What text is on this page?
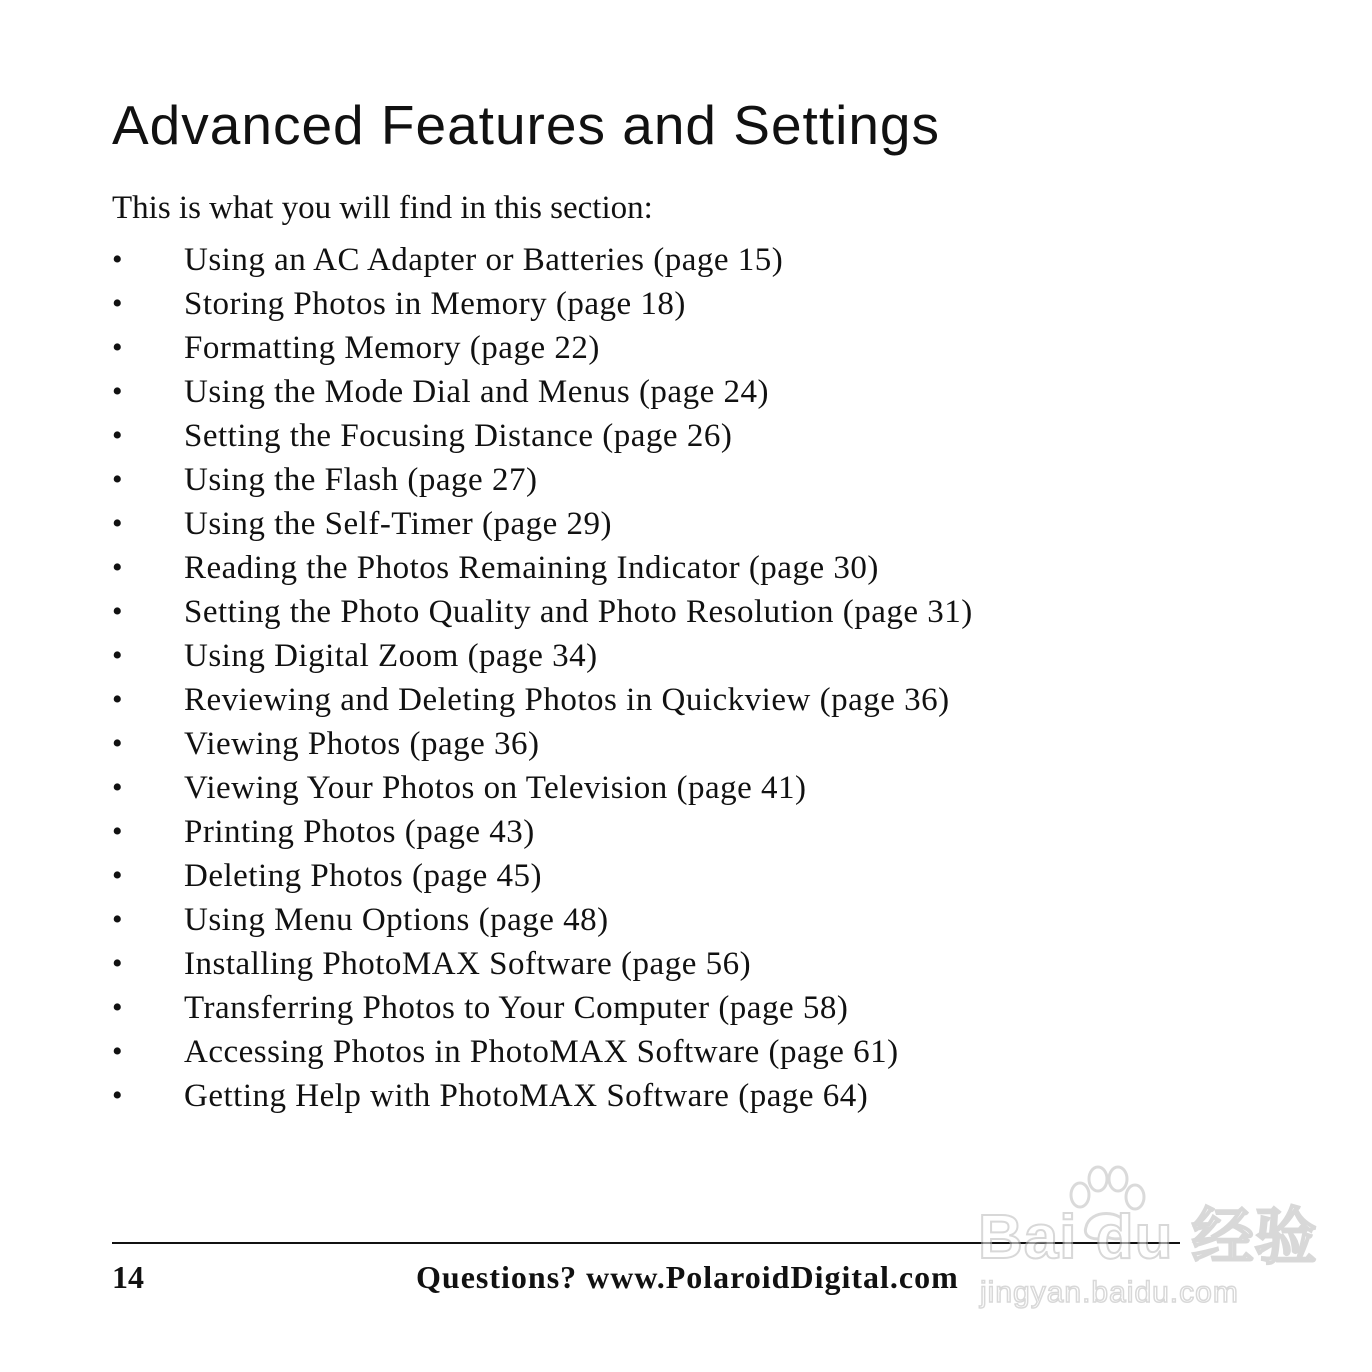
Advanced Features and Settings

This is what you will find in this section:

•	Using an AC Adapter or Batteries (page 15)
•	Storing Photos in Memory (page 18)
•	Formatting Memory (page 22)
•	Using the Mode Dial and Menus (page 24)
•	Setting the Focusing Distance (page 26)
•	Using the Flash (page 27)
•	Using the Self-Timer (page 29)
•	Reading the Photos Remaining Indicator (page 30)
•	Setting the Photo Quality and Photo Resolution (page 31)
•	Using Digital Zoom (page 34)
•	Reviewing and Deleting Photos in Quickview (page 36)
•	Viewing Photos (page 36)
•	Viewing Your Photos on Television (page 41)
•	Printing Photos (page 43)
•	Deleting Photos (page 45)
•	Using Menu Options (page 48)
•	Installing PhotoMAX Software (page 56)
•	Transferring Photos to Your Computer (page 58)
•	Accessing Photos in PhotoMAX Software (page 61)
•	Getting Help with PhotoMAX Software (page 64)
14	Questions? www.PolaroidDigital.com
Bai du 经验
jingyan.baidu.com
